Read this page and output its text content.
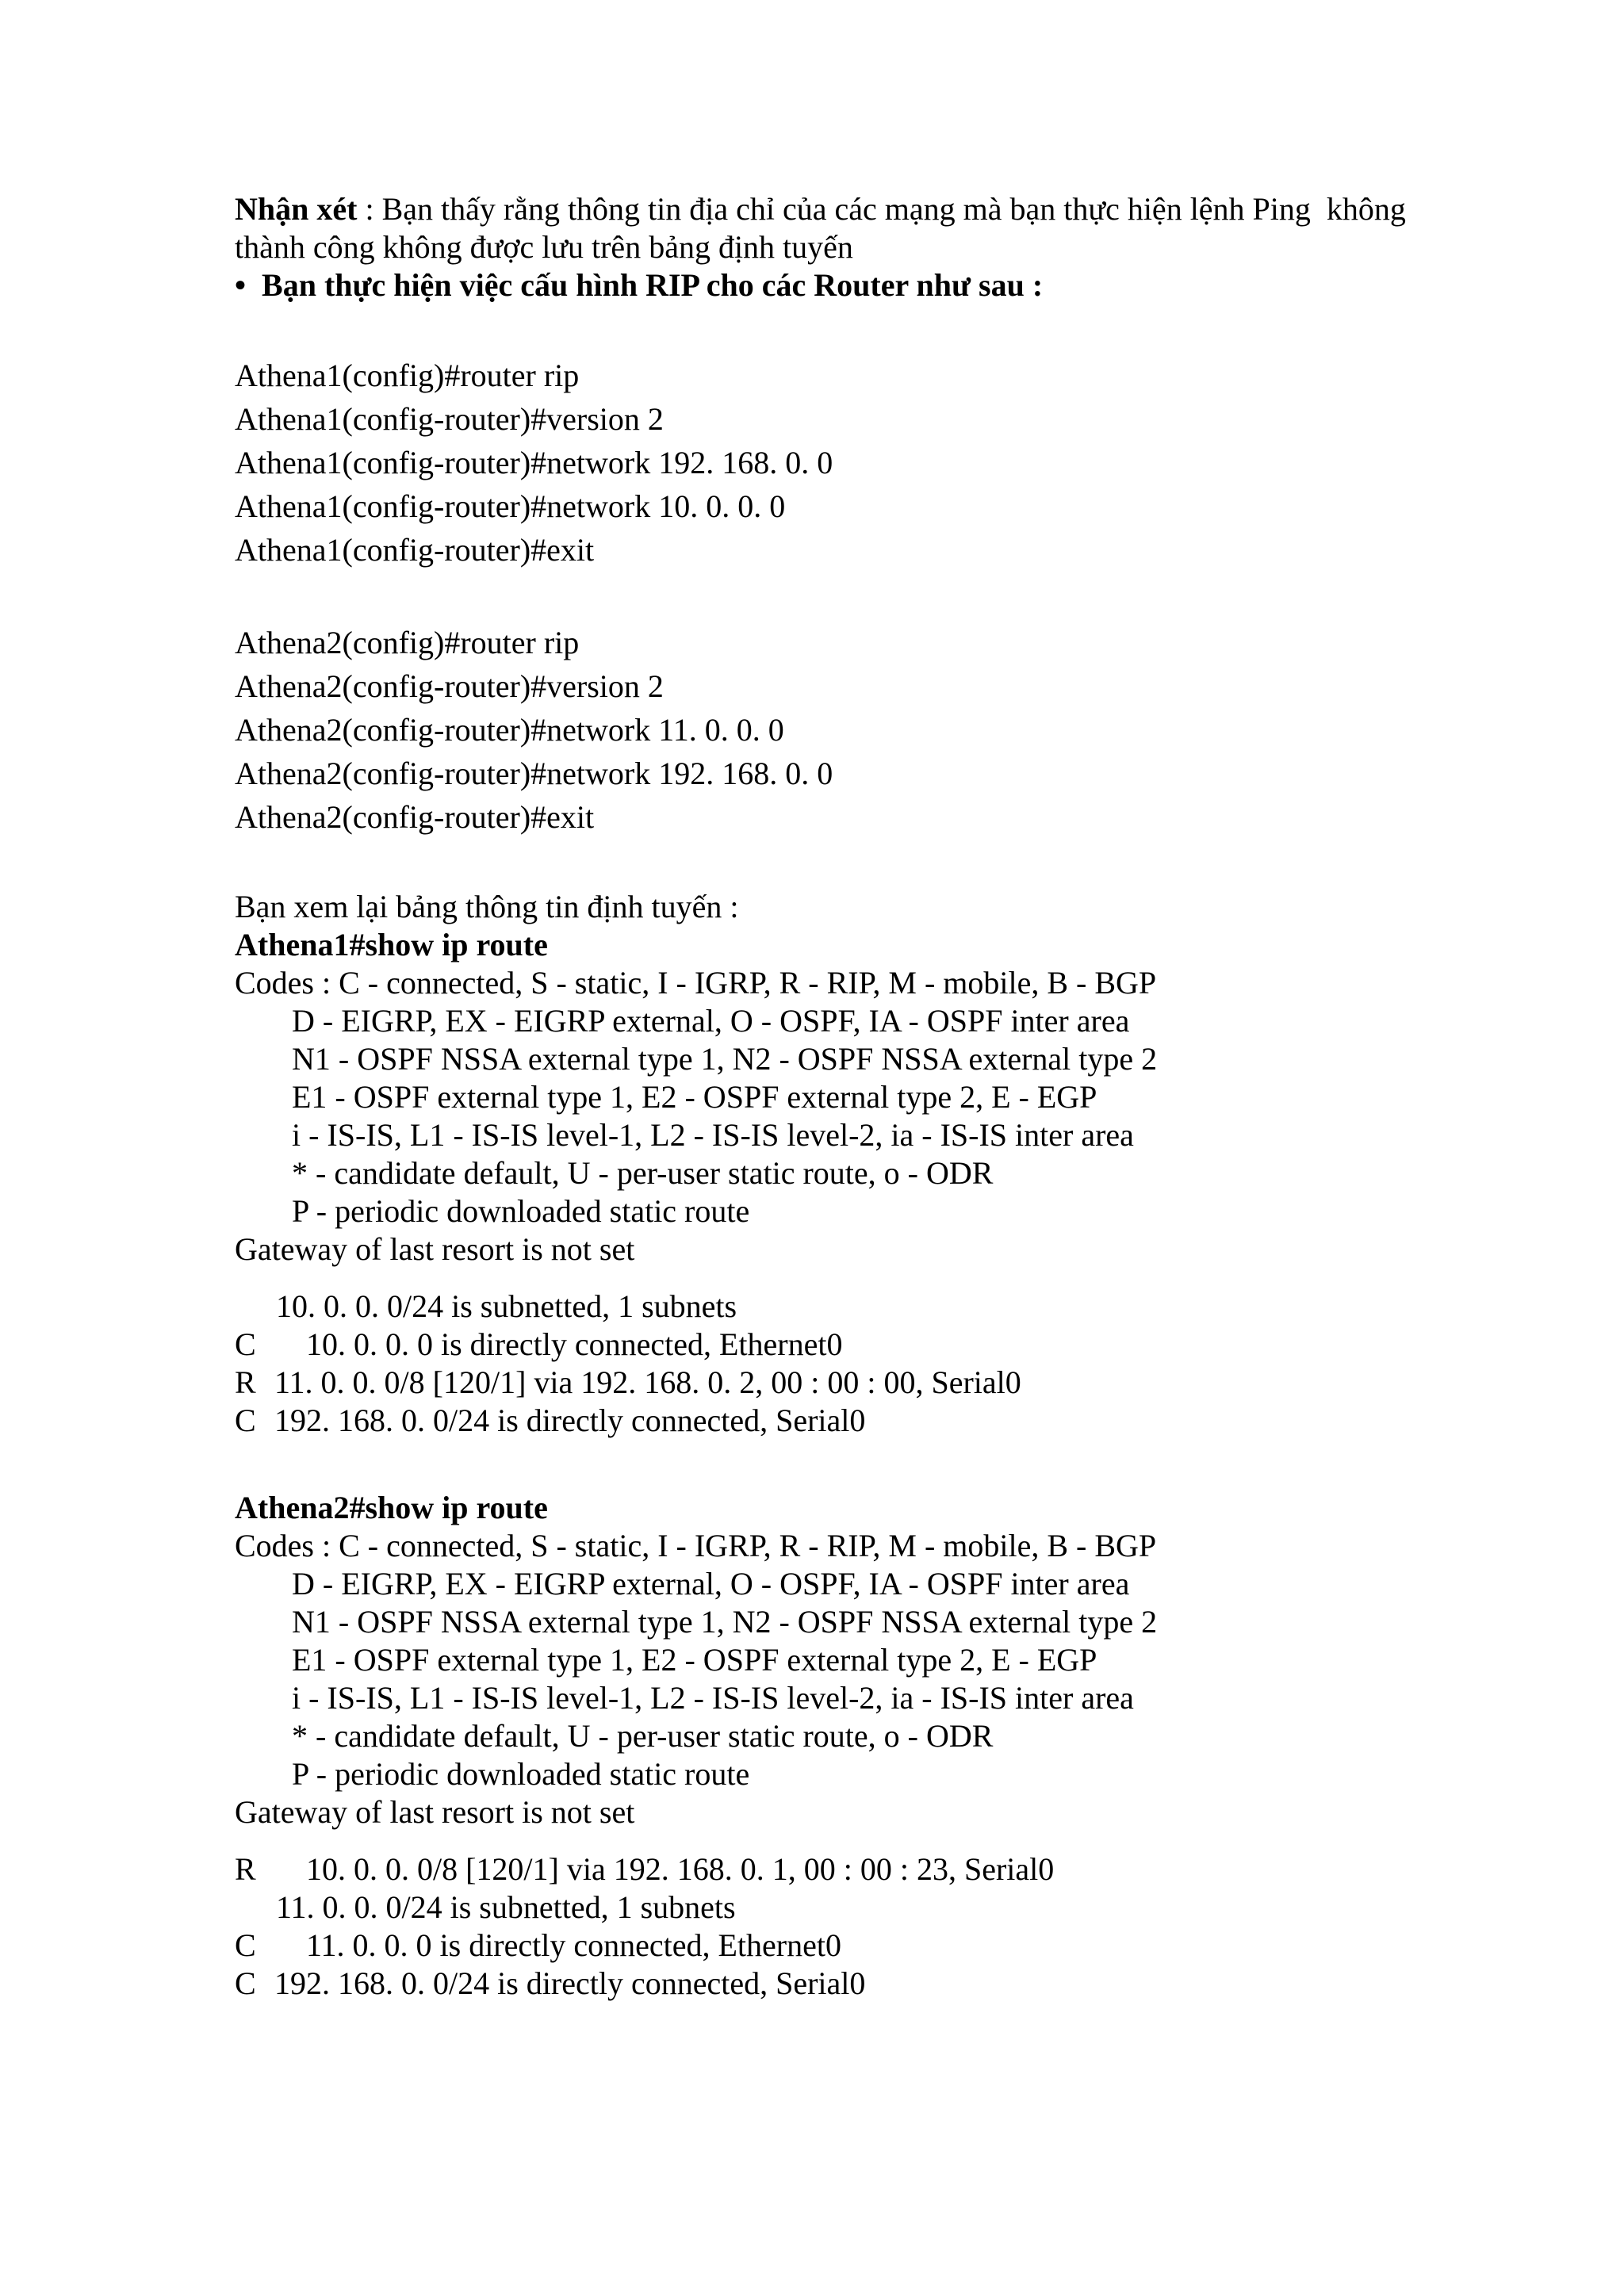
Nhận xét : Bạn thấy rằng thông tin địa chỉ của các mạng mà bạn thực hiện lệnh Ping  không
thành công không được lưu trên bảng định tuyến
• Bạn thực hiện việc cấu hình RIP cho các Router như sau :
Athena1(config)#router rip
Athena1(config-router)#version 2
Athena1(config-router)#network 192. 168. 0. 0
Athena1(config-router)#network 10. 0. 0. 0
Athena1(config-router)#exit
Athena2(config)#router rip
Athena2(config-router)#version 2
Athena2(config-router)#network 11. 0. 0. 0
Athena2(config-router)#network 192. 168. 0. 0
Athena2(config-router)#exit
Bạn xem lại bảng thông tin định tuyến :
Athena1#show ip route
Codes : C - connected, S - static, I - IGRP, R - RIP, M - mobile, B - BGP
D - EIGRP, EX - EIGRP external, O - OSPF, IA - OSPF inter area
N1 - OSPF NSSA external type 1, N2 - OSPF NSSA external type 2
E1 - OSPF external type 1, E2 - OSPF external type 2, E - EGP
i - IS-IS, L1 - IS-IS level-1, L2 - IS-IS level-2, ia - IS-IS inter area
* - candidate default, U - per-user static route, o - ODR
P - periodic downloaded static route
Gateway of last resort is not set
10. 0. 0. 0/24 is subnetted, 1 subnets
C	10. 0. 0. 0 is directly connected, Ethernet0
R 11. 0. 0. 0/8 [120/1] via 192. 168. 0. 2, 00 : 00 : 00, Serial0
C 192. 168. 0. 0/24 is directly connected, Serial0
Athena2#show ip route
Codes : C - connected, S - static, I - IGRP, R - RIP, M - mobile, B - BGP
D - EIGRP, EX - EIGRP external, O - OSPF, IA - OSPF inter area
N1 - OSPF NSSA external type 1, N2 - OSPF NSSA external type 2
E1 - OSPF external type 1, E2 - OSPF external type 2, E - EGP
i - IS-IS, L1 - IS-IS level-1, L2 - IS-IS level-2, ia - IS-IS inter area
* - candidate default, U - per-user static route, o - ODR
P - periodic downloaded static route
Gateway of last resort is not set
R	10. 0. 0. 0/8 [120/1] via 192. 168. 0. 1, 00 : 00 : 23, Serial0
11. 0. 0. 0/24 is subnetted, 1 subnets
C	11. 0. 0. 0 is directly connected, Ethernet0
C 192. 168. 0. 0/24 is directly connected, Serial0
